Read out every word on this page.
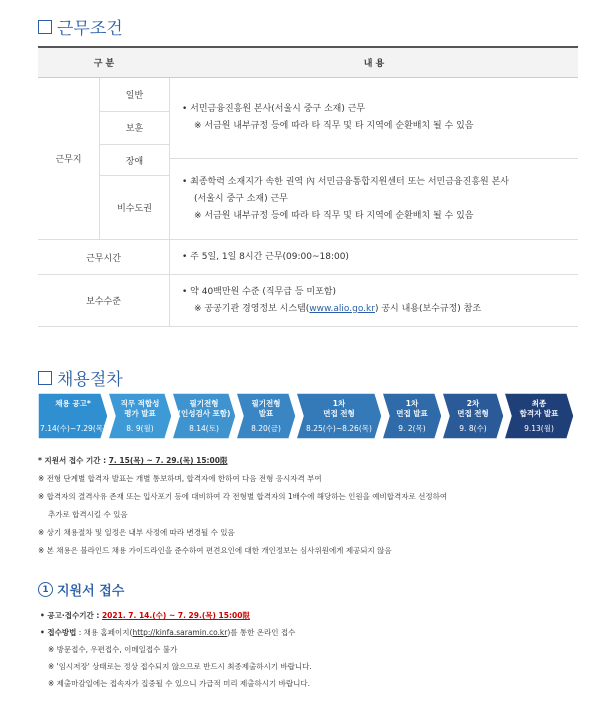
근무조건
구 분	내 용
근무지
일반
보훈
장애
비수도권
• 서민금융진흥원 본사(서울시 중구 소재) 근무
※ 서금원 내부규정 등에 따라 타 직무 및 타 지역에 순환배치 될 수 있음
• 최종학력 소재지가 속한 권역 內 서민금융통합지원센터 또는 서민금융진흥원 본사
(서울시 중구 소재) 근무
※ 서금원 내부규정 등에 따라 타 직무 및 타 지역에 순환배치 될 수 있음
근무시간	• 주 5일, 1일 8시간 근무(09:00~18:00)
보수수준
• 약 40백만원 수준 (직무급 등 미포함)
※ 공공기관 경영정보 시스템(www.alio.go.kr) 공시 내용(보수규정) 참조
채용절차
채용 공고*
7.14(수)~7.29(목)
직무 적합성
평가 발표
8. 9(월)
필기전형
(인성검사 포함)
8.14(토)
필기전형
발표
8.20(금)
1차
면접 전형
8.25(수)~8.26(목)
1차
면접 발표
9. 2(목)
2차
면접 전형
9. 8(수)
최종
합격자 발표
9.13(월)
* 지원서 접수 기간 : 7. 15(목) ~ 7. 29.(목) 15:00限
※ 전형 단계별 합격자 발표는 개별 통보하며, 합격자에 한하여 다음 전형 응시자격 부여
※ 합격자의 결격사유 존재 또는 입사포기 등에 대비하여 각 전형별 합격자의 1배수에 해당하는 인원을 예비합격자로 선정하여
추가로 합격시킬 수 있음
※ 상기 채용절차 및 일정은 내부 사정에 따라 변경될 수 있음
※ 본 채용은 블라인드 채용 가이드라인을 준수하여 편견요인에 대한 개인정보는 심사위원에게 제공되지 않음
1 지원서 접수
• 공고·접수기간 : 2021. 7. 14.(수) ~ 7. 29.(목) 15:00限
• 접수방법 : 채용 홈페이지(http://kinfa.saramin.co.kr)를 통한 온라인 접수
※ 방문접수, 우편접수, 이메일접수 불가
※ '임시저장' 상태로는 정상 접수되지 않으므로 반드시 최종제출하시기 바랍니다.
※ 제출마감일에는 접속자가 집중될 수 있으니 가급적 미리 제출하시기 바랍니다.
